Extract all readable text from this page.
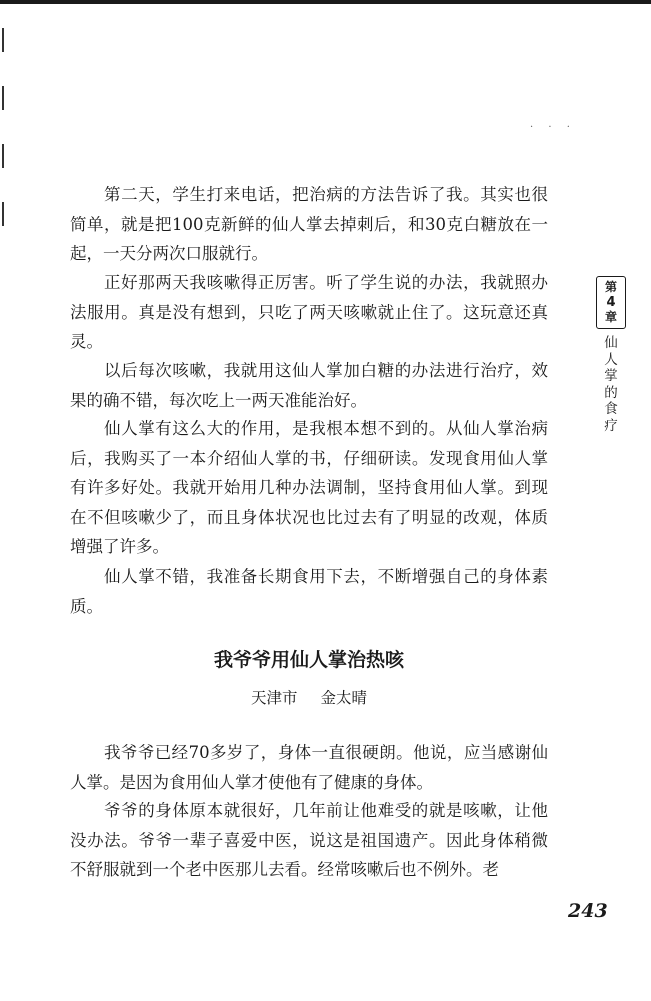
· · ·

第二天，学生打来电话，把治病的方法告诉了我。其实也很简单，就是把100克新鲜的仙人掌去掉刺后，和30克白糖放在一起，一天分两次口服就行。

正好那两天我咳嗽得正厉害。听了学生说的办法，我就照办法服用。真是没有想到，只吃了两天咳嗽就止住了。这玩意还真灵。

以后每次咳嗽，我就用这仙人掌加白糖的办法进行治疗，效果的确不错，每次吃上一两天准能治好。

仙人掌有这么大的作用，是我根本想不到的。从仙人掌治病后，我购买了一本介绍仙人掌的书，仔细研读。发现食用仙人掌有许多好处。我就开始用几种办法调制，坚持食用仙人掌。到现在不但咳嗽少了，而且身体状况也比过去有了明显的改观，体质增强了许多。

仙人掌不错，我准备长期食用下去，不断增强自己的身体素质。

我爷爷用仙人掌治热咳
天津市 金太晴

我爷爷已经70多岁了，身体一直很硬朗。他说，应当感谢仙人掌。是因为食用仙人掌才使他有了健康的身体。

爷爷的身体原本就很好，几年前让他难受的就是咳嗽，让他没办法。爷爷一辈子喜爱中医，说这是祖国遗产。因此身体稍微不舒服就到一个老中医那儿去看。经常咳嗽后也不例外。老

第
4
章
仙
人
掌
的
食
疗
243
